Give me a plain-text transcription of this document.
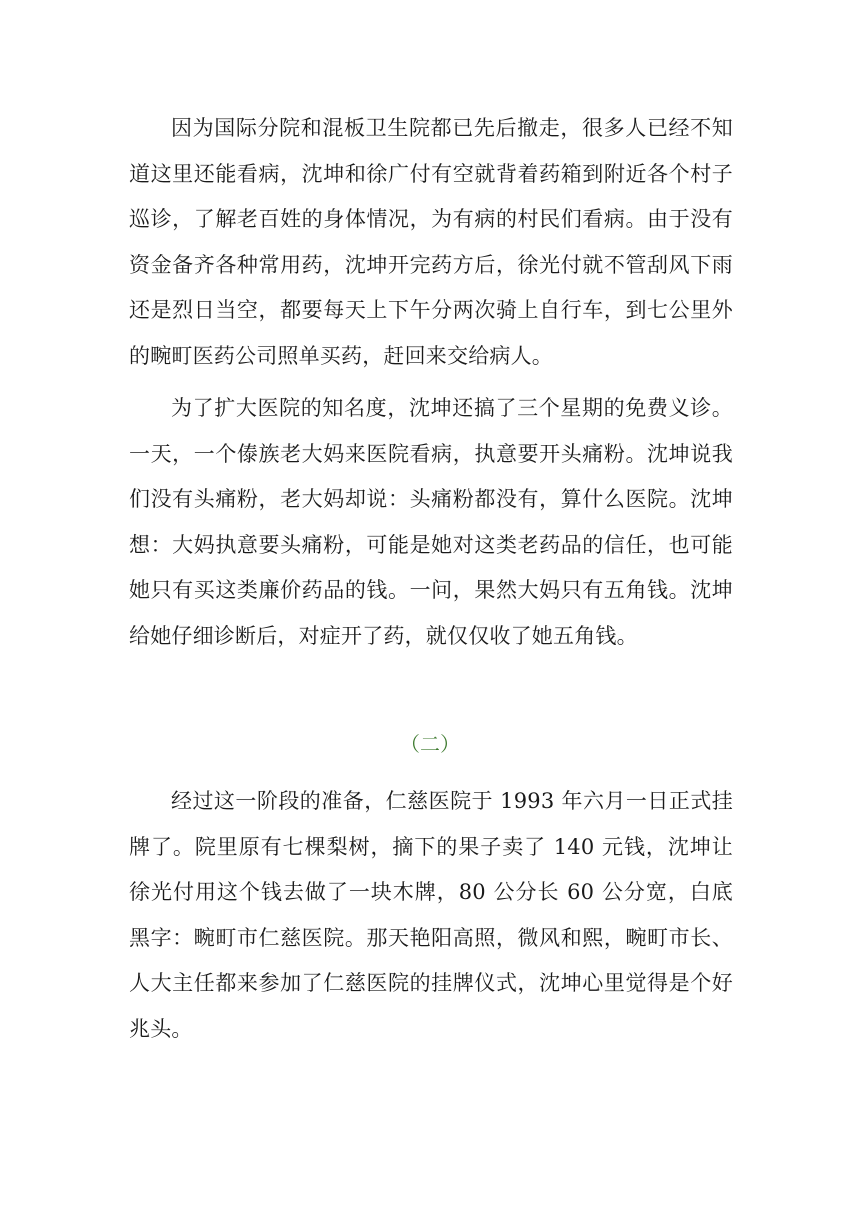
因为国际分院和混板卫生院都已先后撤走，很多人已经不知道这里还能看病，沈坤和徐广付有空就背着药箱到附近各个村子巡诊，了解老百姓的身体情况，为有病的村民们看病。由于没有资金备齐各种常用药，沈坤开完药方后，徐光付就不管刮风下雨还是烈日当空，都要每天上下午分两次骑上自行车，到七公里外的畹町医药公司照单买药，赶回来交给病人。

为了扩大医院的知名度，沈坤还搞了三个星期的免费义诊。一天，一个傣族老大妈来医院看病，执意要开头痛粉。沈坤说我们没有头痛粉，老大妈却说：头痛粉都没有，算什么医院。沈坤想：大妈执意要头痛粉，可能是她对这类老药品的信任，也可能她只有买这类廉价药品的钱。一问，果然大妈只有五角钱。沈坤给她仔细诊断后，对症开了药，就仅仅收了她五角钱。

（二）

经过这一阶段的准备，仁慈医院于 1993 年六月一日正式挂牌了。院里原有七棵梨树，摘下的果子卖了 140 元钱，沈坤让徐光付用这个钱去做了一块木牌，80 公分长 60 公分宽，白底黑字：畹町市仁慈医院。那天艳阳高照，微风和熙，畹町市长、人大主任都来参加了仁慈医院的挂牌仪式，沈坤心里觉得是个好兆头。
